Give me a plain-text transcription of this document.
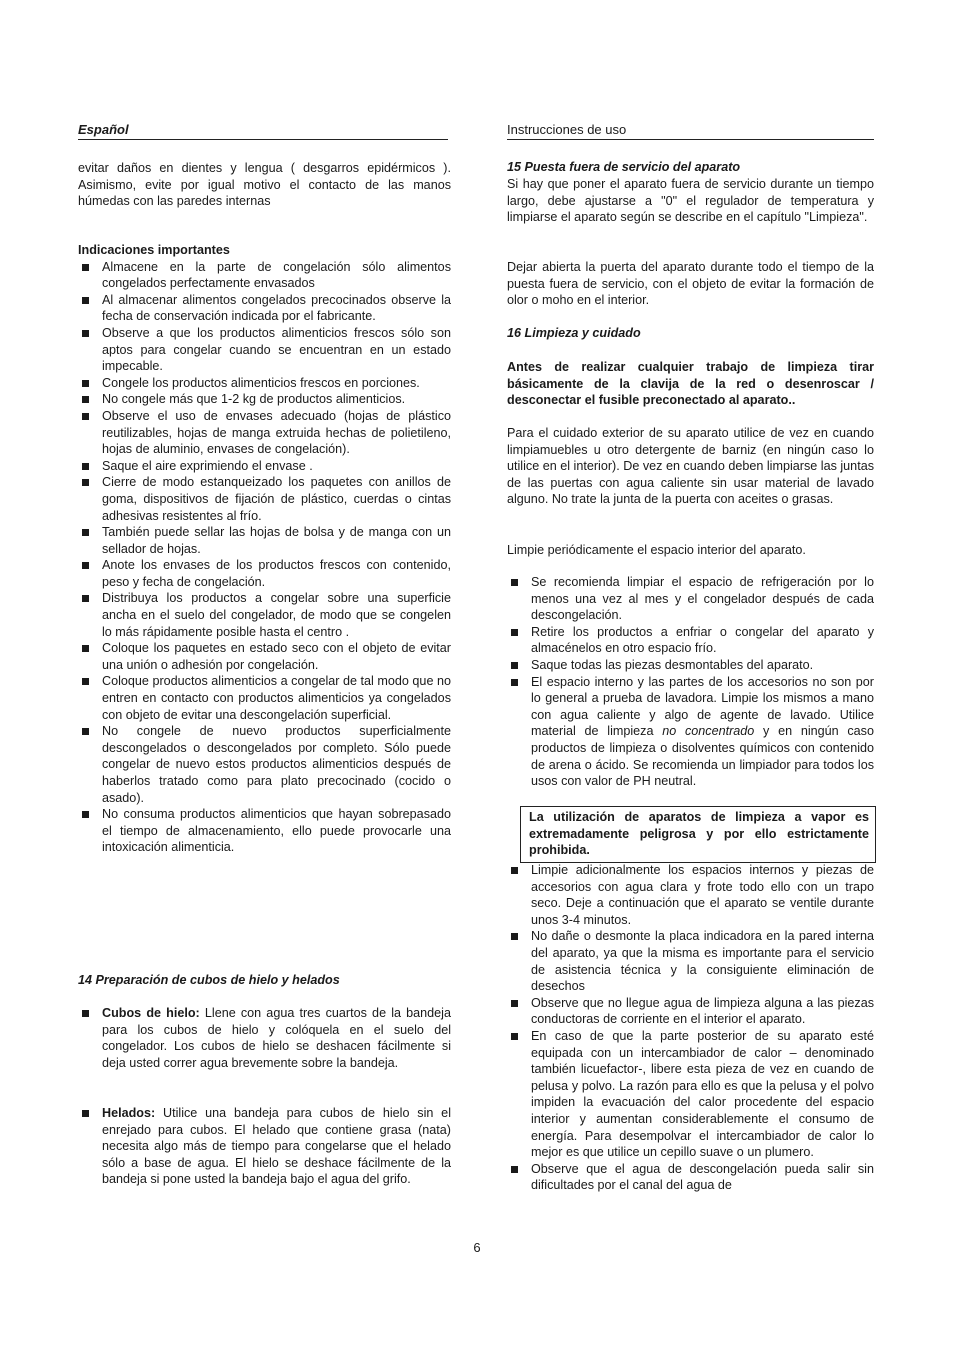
Español	Instrucciones de uso

evitar daños en dientes y lengua ( desgarros epidérmicos ). Asimismo, evite por igual motivo el contacto de las manos húmedas con las paredes internas

Indicaciones importantes
Almacene en la parte de congelación sólo alimentos congelados perfectamente envasados
Al almacenar alimentos congelados precocinados observe la fecha de conservación indicada por el fabricante.
Observe a que los productos alimenticios frescos sólo son aptos para congelar cuando se encuentran en un estado impecable.
Congele los productos alimenticios frescos en porciones.
No congele más que 1-2 kg de productos alimenticios.
Observe el uso de envases adecuado (hojas de plástico reutilizables, hojas de manga extruida hechas de polietileno, hojas de aluminio, envases de congelación).
Saque el aire exprimiendo el envase .
Cierre de modo estanqueizado los paquetes con anillos de goma, dispositivos de fijación de plástico, cuerdas o cintas adhesivas resistentes al frío.
También puede sellar las hojas de bolsa y de manga con un sellador de hojas.
Anote los envases de los productos frescos con contenido, peso y fecha de congelación.
Distribuya los productos a congelar sobre una superficie ancha en el suelo del congelador, de modo que se congelen lo más rápidamente posible hasta el centro .
Coloque los paquetes en estado seco con el objeto de evitar una unión o adhesión por congelación.
Coloque productos alimenticios a congelar de tal modo que no entren en contacto con productos alimenticios ya congelados con objeto de evitar una descongelación superficial.
No congele de nuevo productos superficialmente descongelados o descongelados por completo. Sólo puede congelar de nuevo estos productos alimenticios después de haberlos tratado como para plato precocinado (cocido o asado).
No consuma productos alimenticios que hayan sobrepasado el tiempo de almacenamiento, ello puede provocarle una intoxicación alimenticia.
14 Preparación de cubos de hielo y helados
Cubos de hielo: Llene con agua tres cuartos de la bandeja para los cubos de hielo y colóquela en el suelo del congelador. Los cubos de hielo se deshacen fácilmente si deja usted correr agua brevemente sobre la bandeja.
Helados: Utilice una bandeja para cubos de hielo sin el enrejado para cubos. El helado que contiene grasa (nata) necesita algo más de tiempo para congelarse que el helado sólo a base de agua. El hielo se deshace fácilmente de la bandeja si pone usted la bandeja bajo el agua del grifo.
15 Puesta fuera de servicio del aparato

Si hay que poner el aparato fuera de servicio durante un tiempo largo, debe ajustarse a "0" el regulador de temperatura y limpiarse el aparato según se describe en el capítulo "Limpieza".

Dejar abierta la puerta del aparato durante todo el tiempo de la puesta fuera de servicio, con el objeto de evitar la formación de olor o moho en el interior.

16 Limpieza y cuidado

Antes de realizar cualquier trabajo de limpieza tirar básicamente de la clavija de la red o desenroscar / desconectar el fusible preconectado al aparato..

Para el cuidado exterior de su aparato utilice de vez en cuando limpiamuebles u otro detergente de barniz (en ningún caso lo utilice en el interior). De vez en cuando deben limpiarse las juntas de las puertas con agua caliente sin usar material de lavado alguno. No trate la junta de la puerta con aceites o grasas.

Limpie periódicamente el espacio interior del aparato.

Se recomienda limpiar el espacio de refrigeración por lo menos una vez al mes y el congelador después de cada descongelación.
Retire los productos a enfriar o congelar del aparato y almacénelos en otro espacio frío.
Saque todas las piezas desmontables del aparato.
El espacio interno y las partes de los accesorios no son por lo general a prueba de lavadora. Limpie los mismos a mano con agua caliente y algo de agente de lavado. Utilice material de limpieza no concentrado y en ningún caso productos de limpieza o disolventes químicos con contenido de arena o ácido. Se recomienda un limpiador para todos los usos con valor de PH neutral.
Limpie adicionalmente los espacios internos y piezas de accesorios con agua clara y frote todo ello con un trapo seco. Deje a continuación que el aparato se ventile durante unos 3-4 minutos.
No dañe o desmonte la placa indicadora en la pared interna del aparato, ya que la misma es importante para el servicio de asistencia técnica y la consiguiente eliminación de desechos
Observe que no llegue agua de limpieza alguna a las piezas conductoras de corriente en el interior el aparato.
En caso de que la parte posterior de su aparato esté equipada con un intercambiador de calor – denominado también licuefactor-, libere esta pieza de vez en cuando de pelusa y polvo. La razón para ello es que la pelusa y el polvo impiden la evacuación del calor procedente del espacio interior y aumentan considerablemente el consumo de energía. Para desempolvar el intercambiador de calor lo mejor es que utilice un cepillo suave o un plumero.
Observe que el agua de descongelación pueda salir sin dificultades por el canal del agua de
La utilización de aparatos de limpieza a vapor es extremadamente peligrosa y por ello estrictamente prohibida.
6
